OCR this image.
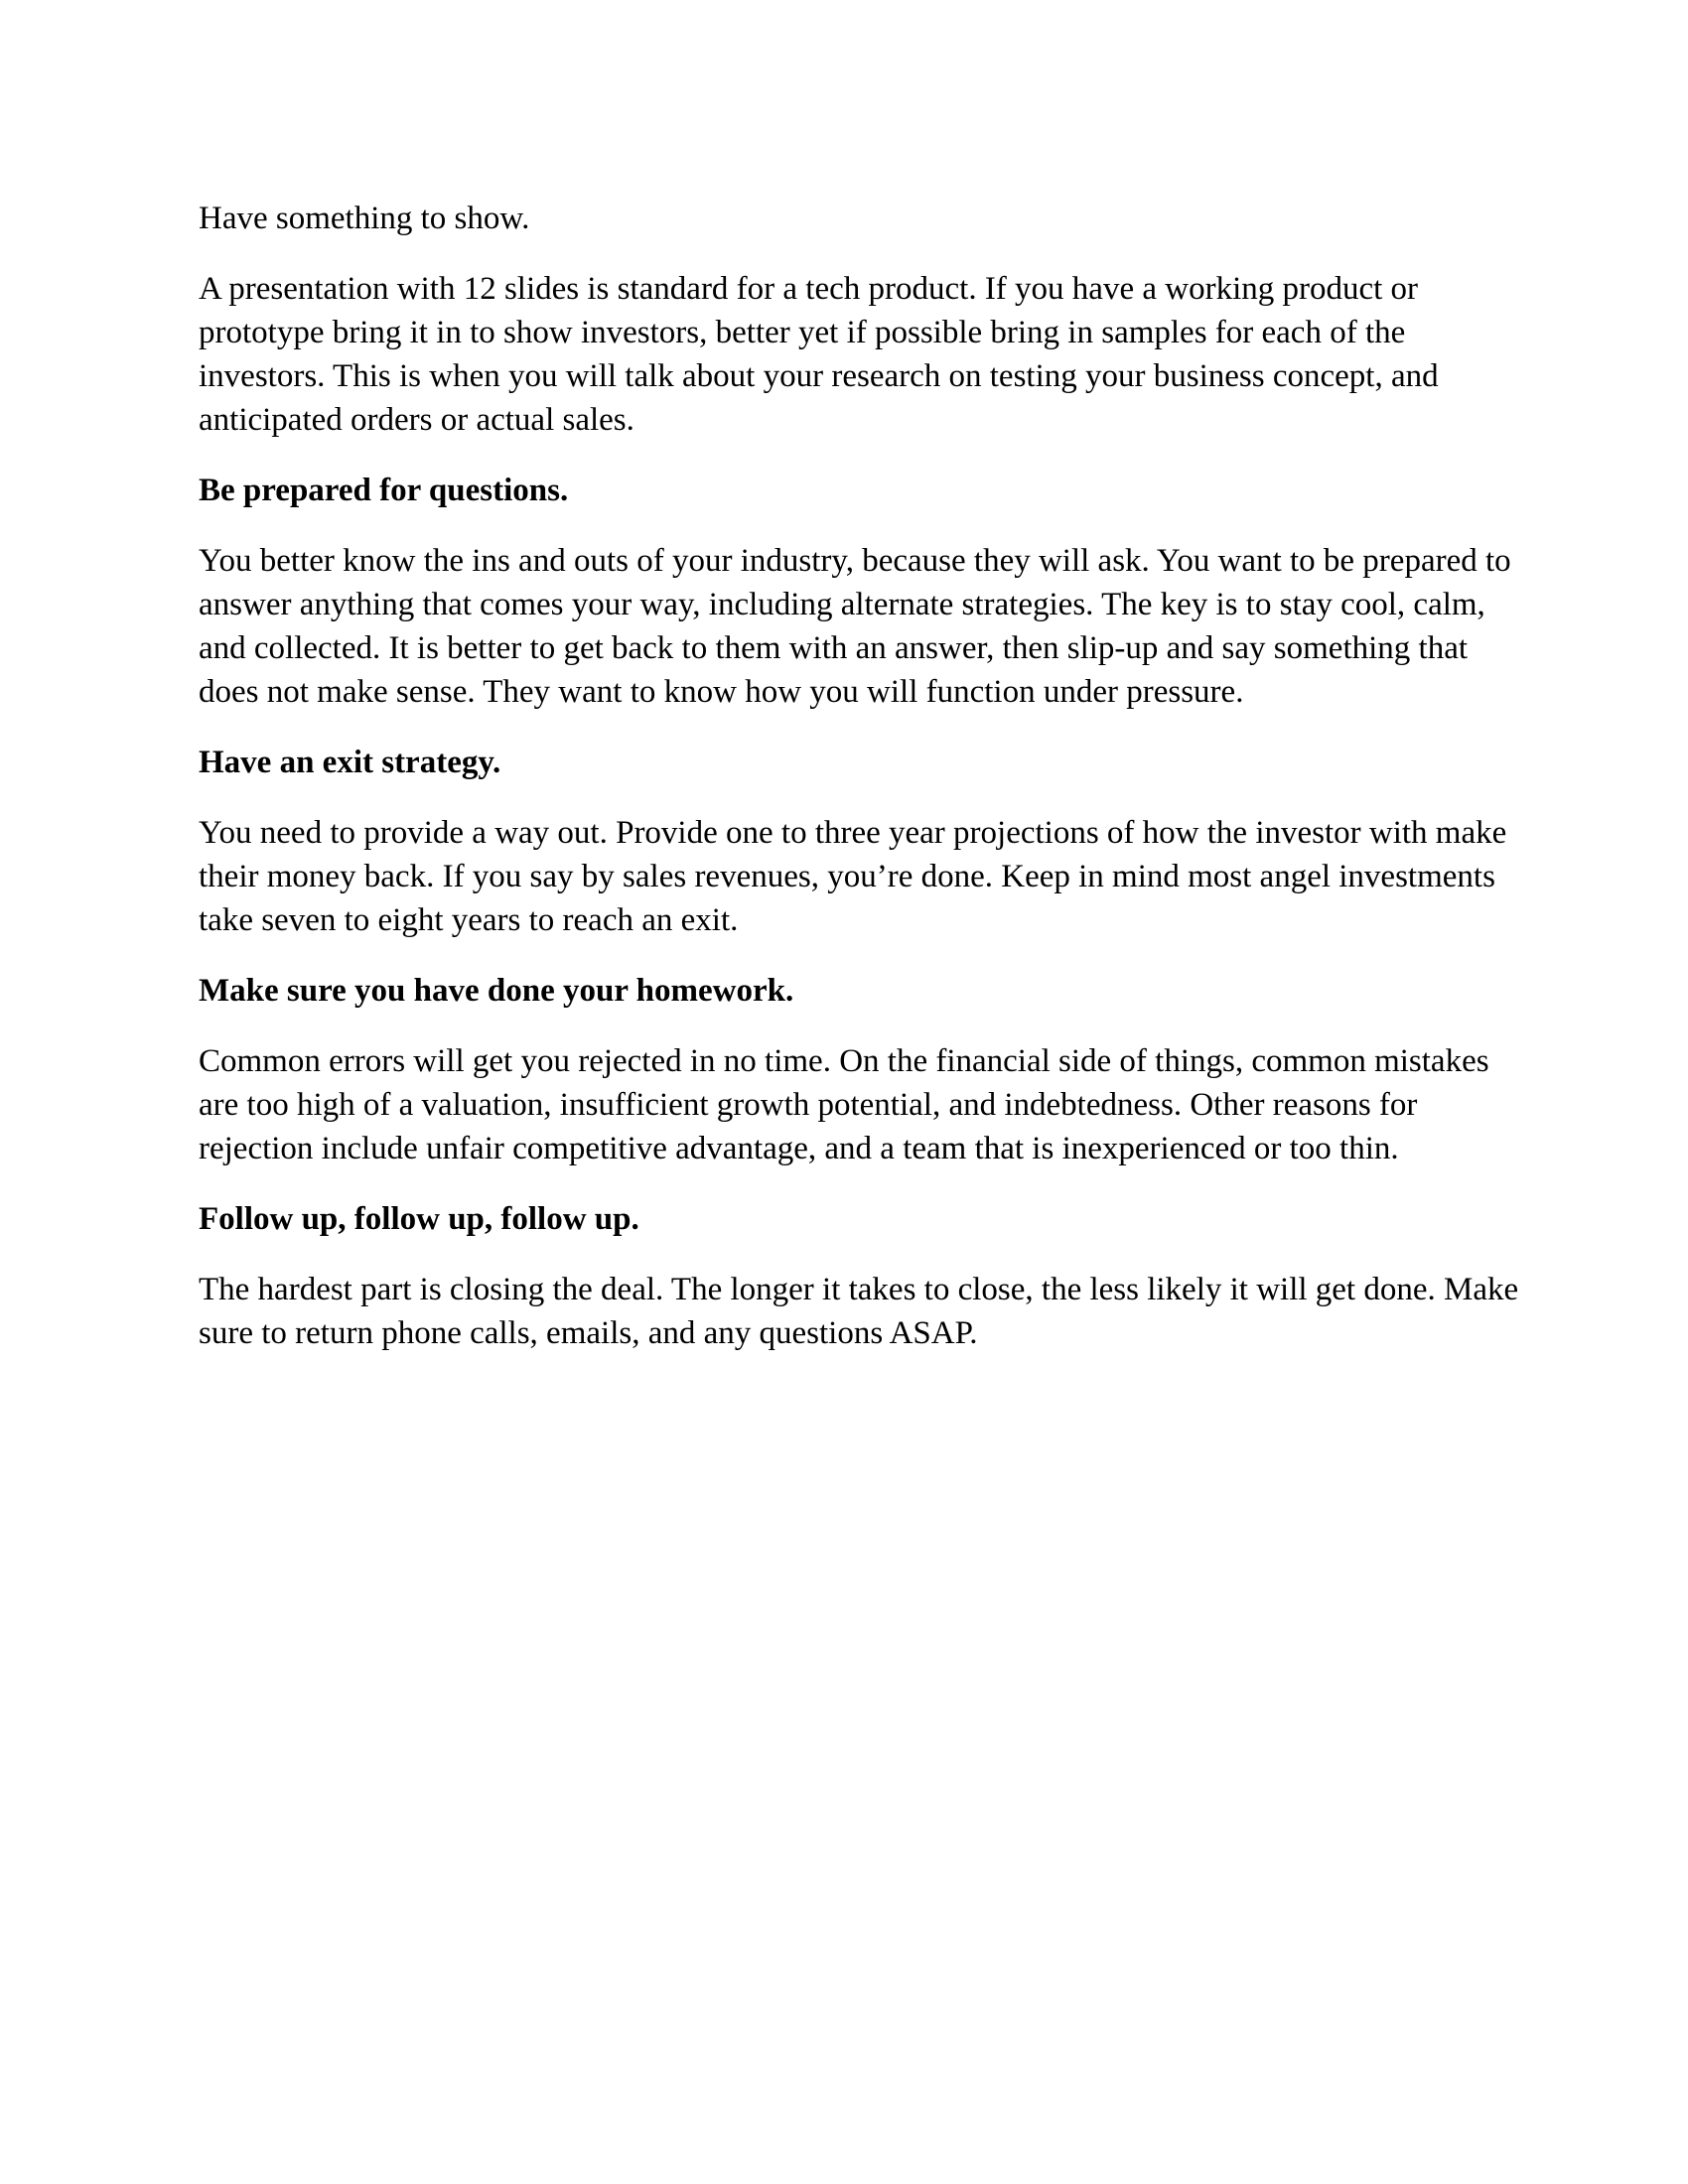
Have something to show.

A presentation with 12 slides is standard for a tech product. If you have a working product or prototype bring it in to show investors, better yet if possible bring in samples for each of the investors. This is when you will talk about your research on testing your business concept, and anticipated orders or actual sales.

Be prepared for questions.

You better know the ins and outs of your industry, because they will ask. You want to be prepared to answer anything that comes your way, including alternate strategies. The key is to stay cool, calm, and collected. It is better to get back to them with an answer, then slip-up and say something that does not make sense. They want to know how you will function under pressure.

Have an exit strategy.

You need to provide a way out. Provide one to three year projections of how the investor with make their money back. If you say by sales revenues, you’re done. Keep in mind most angel investments take seven to eight years to reach an exit.

Make sure you have done your homework.

Common errors will get you rejected in no time. On the financial side of things, common mistakes are too high of a valuation, insufficient growth potential, and indebtedness. Other reasons for rejection include unfair competitive advantage, and a team that is inexperienced or too thin.

Follow up, follow up, follow up.

The hardest part is closing the deal. The longer it takes to close, the less likely it will get done. Make sure to return phone calls, emails, and any questions ASAP.
